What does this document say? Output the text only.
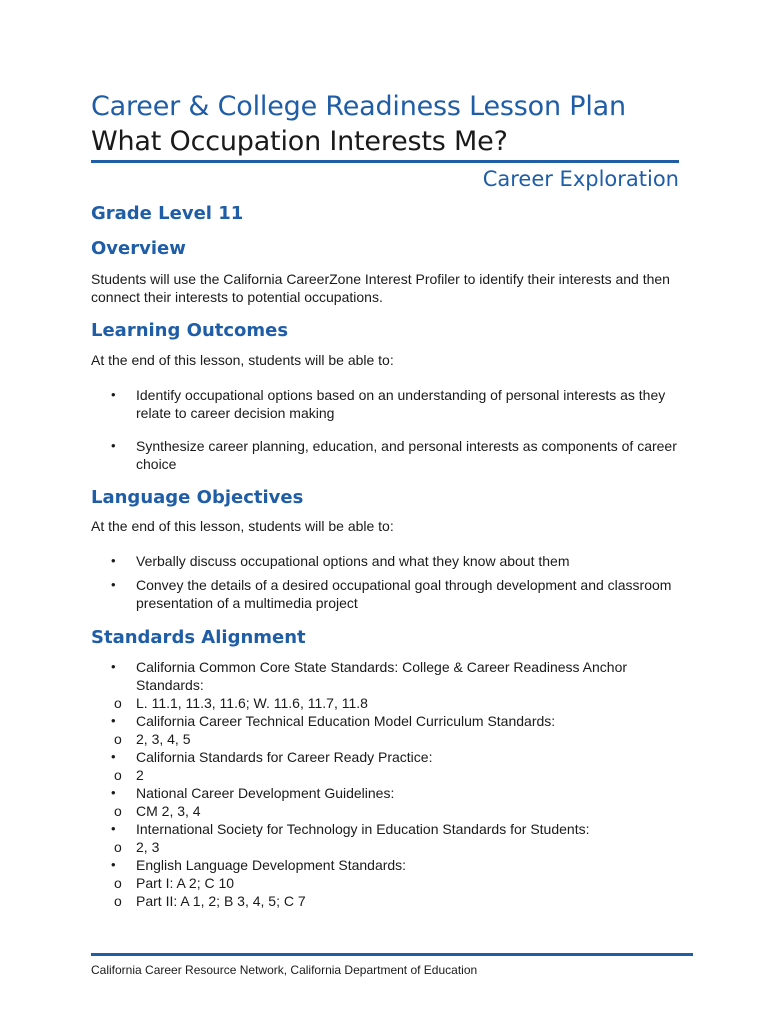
Career & College Readiness Lesson Plan
What Occupation Interests Me?
Career Exploration
Grade Level 11
Overview
Students will use the California CareerZone Interest Profiler to identify their interests and then connect their interests to potential occupations.
Learning Outcomes
At the end of this lesson, students will be able to:
• Identify occupational options based on an understanding of personal interests as they relate to career decision making
• Synthesize career planning, education, and personal interests as components of career choice
Language Objectives
At the end of this lesson, students will be able to:
• Verbally discuss occupational options and what they know about them
• Convey the details of a desired occupational goal through development and classroom presentation of a multimedia project
Standards Alignment
• California Common Core State Standards: College & Career Readiness Anchor Standards:
o L. 11.1, 11.3, 11.6; W. 11.6, 11.7, 11.8
• California Career Technical Education Model Curriculum Standards:
o 2, 3, 4, 5
• California Standards for Career Ready Practice:
o 2
• National Career Development Guidelines:
o CM 2, 3, 4
• International Society for Technology in Education Standards for Students:
o 2, 3
• English Language Development Standards:
o Part I: A 2; C 10
o Part II: A 1, 2; B 3, 4, 5; C 7
California Career Resource Network, California Department of Education
